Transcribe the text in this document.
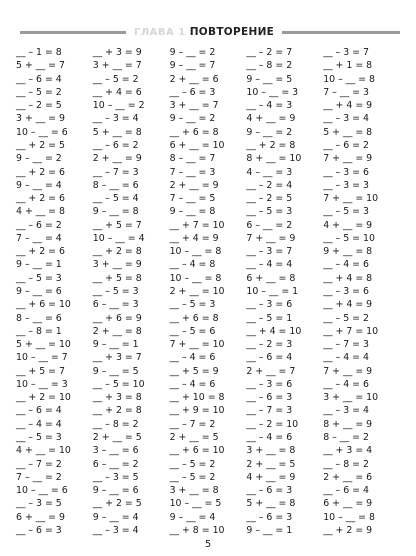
ГЛАВА 1 ПОВТОРЕНИЕ
__ – 1 = 8
5 + __ = 7
__ – 6 = 4
__ – 5 = 2
__ – 2 = 5
3 + __ = 9
10 – __ = 6
__ + 2 = 5
9 – __ = 2
__ + 2 = 6
9 – __ = 4
__ + 2 = 6
4 + __ = 8
__ – 6 = 2
7 – __ = 4
__ + 2 = 6
9 – __ = 1
__ – 5 = 3
9 – __ = 6
__ + 6 = 10
8 – __ = 6
__ – 8 = 1
5 + __ = 10
10 – __ = 7
__ + 5 = 7
10 – __ = 3
__ + 2 = 10
__ – 6 = 4
__ – 4 = 4
__ – 5 = 3
4 + __ = 10
__ – 7 = 2
7 – __ = 2
10 – __ = 6
__ – 3 = 5
6 + __ = 9
__ – 6 = 3
__ + 3 = 9
3 + __ = 7
__ – 5 = 2
__ + 4 = 6
10 – __ = 2
__ – 3 = 4
5 + __ = 8
__ – 6 = 2
2 + __ = 9
__ – 7 = 3
8 – __ = 6
__ – 5 = 4
9 – __ = 8
__ + 5 = 7
10 – __ = 4
__ + 2 = 8
3 + __ = 9
__ + 5 = 8
__ – 5 = 3
6 – __ = 3
__ + 6 = 9
2 + __ = 8
9 – __ = 1
__ + 3 = 7
9 – __ = 5
__ – 5 = 10
__ + 3 = 8
__ + 2 = 8
__ – 8 = 2
2 + __ = 5
3 – __ = 6
6 – __ = 2
__ – 3 = 5
9 – __ = 6
__ + 2 = 5
9 – __ = 4
__ – 3 = 4
9 – __ = 2
9 – __ = 7
2 + __ = 6
__ – 6 = 3
3 + __ = 7
9 – __ = 2
__ + 6 = 8
6 + __ = 10
8 – __ = 7
7 – __ = 3
2 + __ = 9
7 – __ = 5
9 – __ = 8
__ + 7 = 10
__ + 4 = 9
10 – __ = 8
__ – 4 = 8
10 – __ = 8
2 + __ = 10
__ – 5 = 3
__ + 6 = 8
__ – 5 = 6
7 + __ = 10
__ – 4 = 6
__ + 5 = 9
__ – 4 = 6
__ + 10 = 8
__ + 9 = 10
__ – 7 = 2
2 + __ = 5
__ + 6 = 10
__ – 5 = 2
__ – 5 = 2
3 + __ = 8
10 – __ = 5
9 – __ = 4
__ + 8 = 10
__ – 2 = 7
__ – 8 = 2
9 – __ = 5
10 – __ = 3
__ – 4 = 3
4 + __ = 9
9 – __ = 2
__ + 2 = 8
8 + __ = 10
4 – __ = 3
__ – 2 = 4
__ – 2 = 5
__ – 5 = 3
6 – __ = 2
7 + __ = 9
__ – 3 = 7
__ – 4 = 4
6 + __ = 8
10 – __ = 1
__ – 3 = 6
__ – 5 = 1
__ + 4 = 10
__ – 2 = 3
__ – 6 = 4
2 + __ = 7
__ – 3 = 6
__ – 6 = 3
__ – 7 = 3
__ – 2 = 10
__ – 4 = 6
3 + __ = 8
2 + __ = 5
4 + __ = 9
__ – 6 = 3
5 + __ = 8
__ – 6 = 3
9 – __ = 1
__ – 3 = 7
__ + 1 = 8
10 – __ = 8
7 – __ = 3
__ + 4 = 9
__ – 3 = 4
5 + __ = 8
__ – 6 = 2
7 + __ = 9
__ – 3 = 6
__ – 3 = 3
7 + __ = 10
__ – 5 = 3
4 + __ = 9
__ – 5 = 10
9 + __ = 8
__ – 4 = 6
__ + 4 = 8
__ – 3 = 6
__ + 4 = 9
__ – 5 = 2
__ + 7 = 10
__ – 7 = 3
__ – 4 = 4
7 + __ = 9
__ – 4 = 6
3 + __ = 10
__ – 3 = 4
8 + __ = 9
8 – __ = 2
__ + 3 = 4
__ – 8 = 2
2 + __ = 6
__ – 6 = 4
6 + __ = 9
10 – __ = 8
__ + 2 = 9
5
